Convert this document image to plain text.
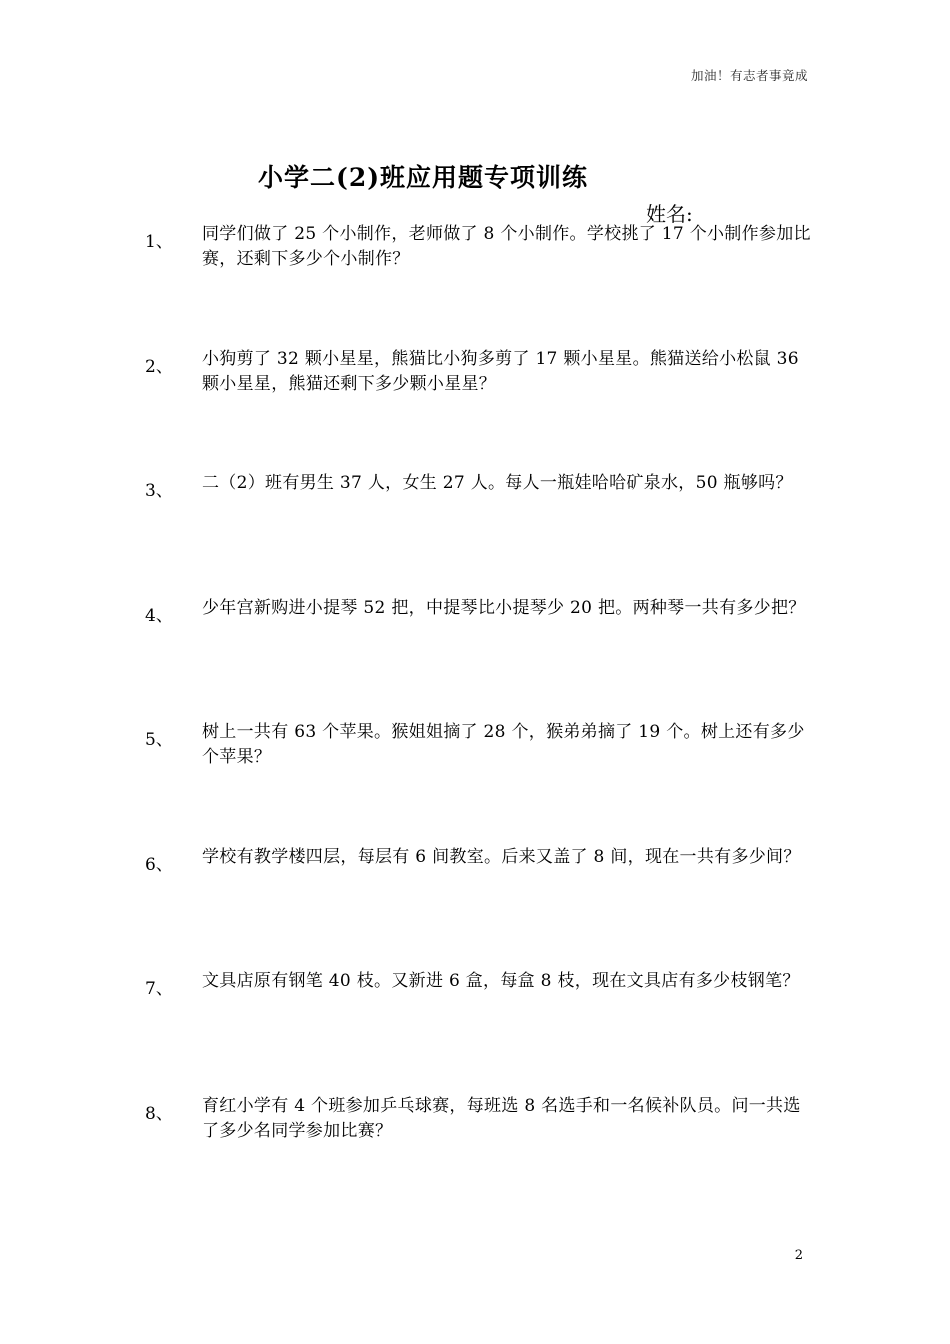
加油！有志者事竟成
小学二(2)班应用题专项训练
姓名:
1、 同学们做了 25 个小制作，老师做了 8 个小制作。学校挑了 17 个小制作参加比赛，还剩下多少个小制作？
2、 小狗剪了 32 颗小星星，熊猫比小狗多剪了 17 颗小星星。熊猫送给小松鼠 36 颗小星星，熊猫还剩下多少颗小星星？
3、 二（2）班有男生 37 人，女生 27 人。每人一瓶娃哈哈矿泉水，50 瓶够吗？
4、 少年宫新购进小提琴 52 把，中提琴比小提琴少 20 把。两种琴一共有多少把？
5、 树上一共有 63 个苹果。猴姐姐摘了 28 个，猴弟弟摘了 19 个。树上还有多少个苹果？
6、 学校有教学楼四层，每层有 6 间教室。后来又盖了 8 间，现在一共有多少间？
7、 文具店原有钢笔 40 枝。又新进 6 盒，每盒 8 枝，现在文具店有多少枝钢笔？
8、 育红小学有 4 个班参加乒乓球赛，每班选 8 名选手和一名候补队员。问一共选了多少名同学参加比赛？
2
